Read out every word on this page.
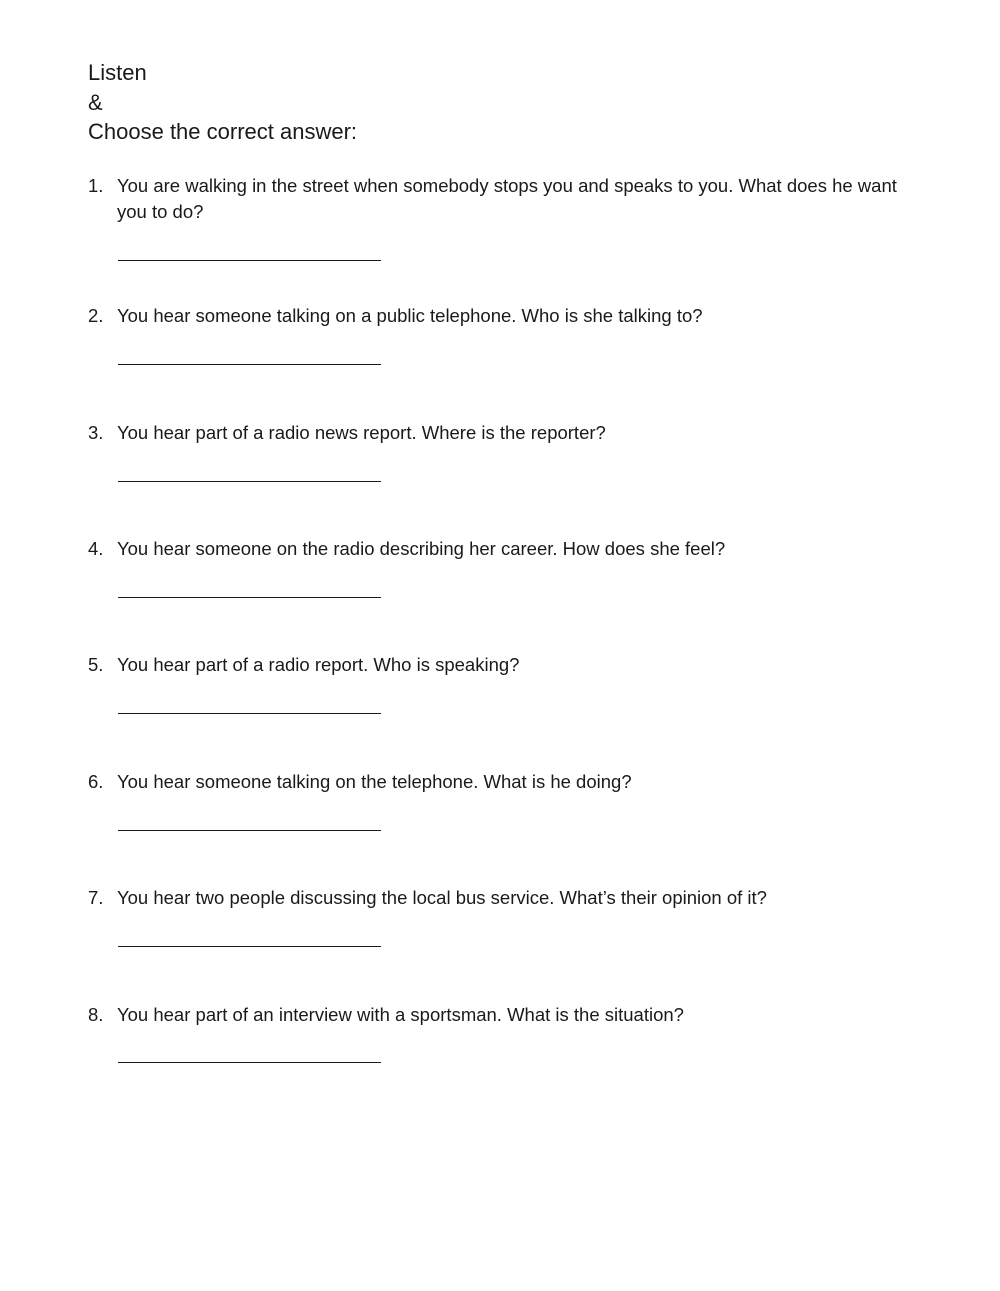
Listen
&
Choose the correct answer:
1. You are walking in the street when somebody stops you and speaks to you. What does he want you to do?
2. You hear someone talking on a public telephone. Who is she talking to?
3. You hear part of a radio news report. Where is the reporter?
4. You hear someone on the radio describing her career. How does she feel?
5. You hear part of a radio report. Who is speaking?
6. You hear someone talking on the telephone. What is he doing?
7. You hear two people discussing the local bus service. What’s their opinion of it?
8. You hear part of an interview with a sportsman. What is the situation?
